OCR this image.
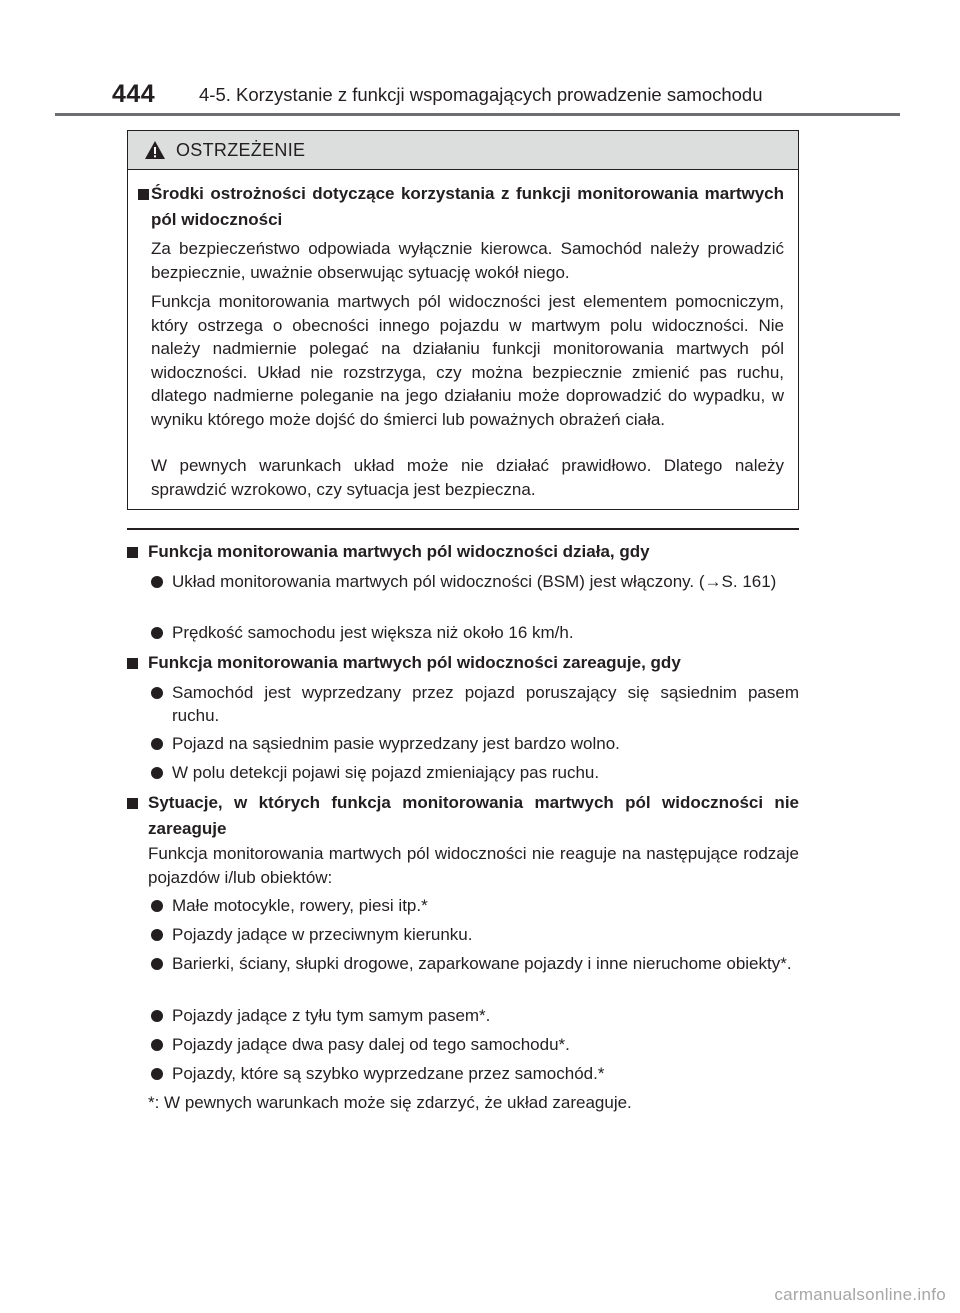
444 4-5. Korzystanie z funkcji wspomagających prowadzenie samochodu
OSTRZEŻENIE
Środki ostrożności dotyczące korzystania z funkcji monitorowania martwych pól widoczności
Za bezpieczeństwo odpowiada wyłącznie kierowca. Samochód należy prowadzić bezpiecznie, uważnie obserwując sytuację wokół niego.
Funkcja monitorowania martwych pól widoczności jest elementem pomocniczym, który ostrzega o obecności innego pojazdu w martwym polu widoczności. Nie należy nadmiernie polegać na działaniu funkcji monitorowania martwych pól widoczności. Układ nie rozstrzyga, czy można bezpiecznie zmienić pas ruchu, dlatego nadmierne poleganie na jego działaniu może doprowadzić do wypadku, w wyniku którego może dojść do śmierci lub poważnych obrażeń ciała.
W pewnych warunkach układ może nie działać prawidłowo. Dlatego należy sprawdzić wzrokowo, czy sytuacja jest bezpieczna.
Funkcja monitorowania martwych pól widoczności działa, gdy
Układ monitorowania martwych pól widoczności (BSM) jest włączony. (→S. 161)
Prędkość samochodu jest większa niż około 16 km/h.
Funkcja monitorowania martwych pól widoczności zareaguje, gdy
Samochód jest wyprzedzany przez pojazd poruszający się sąsiednim pasem ruchu.
Pojazd na sąsiednim pasie wyprzedzany jest bardzo wolno.
W polu detekcji pojawi się pojazd zmieniający pas ruchu.
Sytuacje, w których funkcja monitorowania martwych pól widoczności nie zareaguje
Funkcja monitorowania martwych pól widoczności nie reaguje na następujące rodzaje pojazdów i/lub obiektów:
Małe motocykle, rowery, piesi itp.*
Pojazdy jadące w przeciwnym kierunku.
Barierki, ściany, słupki drogowe, zaparkowane pojazdy i inne nieruchome obiekty*.
Pojazdy jadące z tyłu tym samym pasem*.
Pojazdy jadące dwa pasy dalej od tego samochodu*.
Pojazdy, które są szybko wyprzedzane przez samochód.*
*: W pewnych warunkach może się zdarzyć, że układ zareaguje.
carmanualsonline.info
